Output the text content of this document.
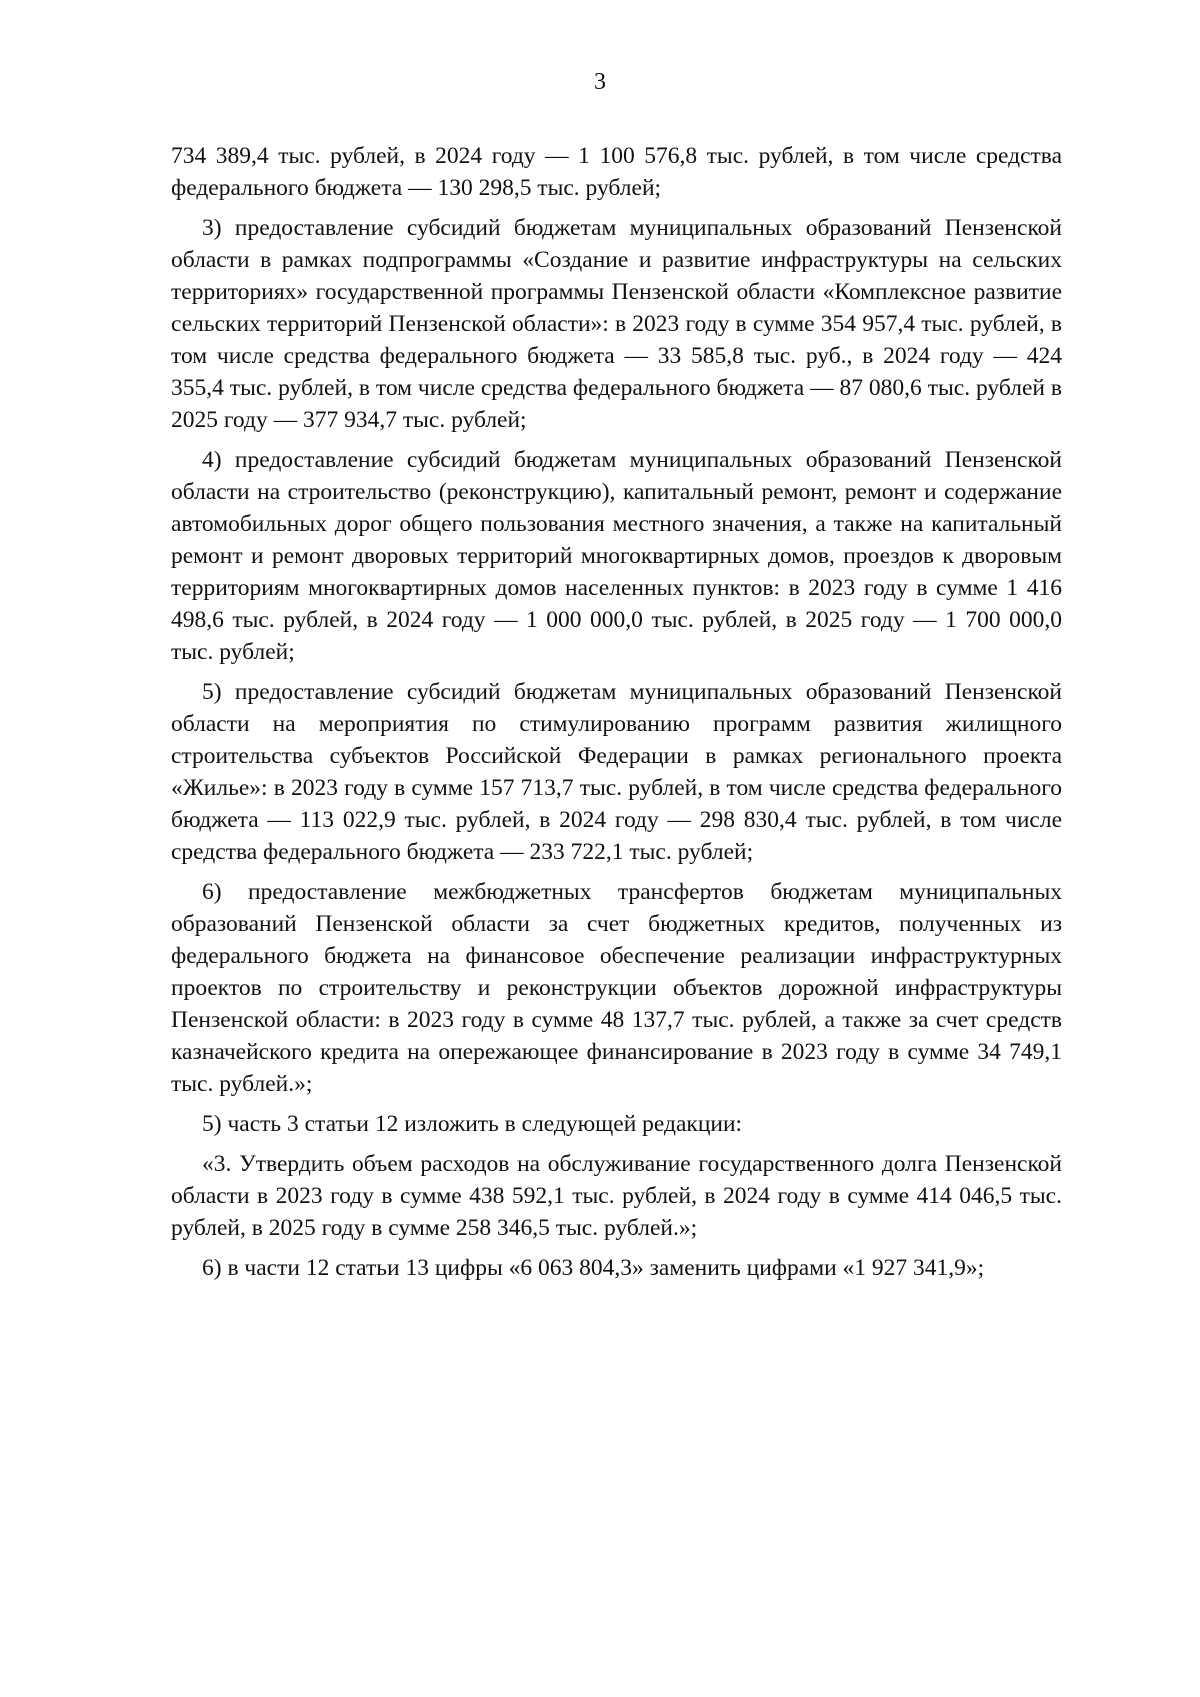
3

734 389,4 тыс. рублей, в 2024 году — 1 100 576,8 тыс. рублей, в том числе средства федерального бюджета — 130 298,5 тыс. рублей;

3) предоставление субсидий бюджетам муниципальных образований Пензенской области в рамках подпрограммы «Создание и развитие инфраструктуры на сельских территориях» государственной программы Пензенской области «Комплексное развитие сельских территорий Пензенской области»: в 2023 году в сумме 354 957,4 тыс. рублей, в том числе средства федерального бюджета — 33 585,8 тыс. руб., в 2024 году — 424 355,4 тыс. рублей, в том числе средства федерального бюджета — 87 080,6 тыс. рублей в 2025 году — 377 934,7 тыс. рублей;

4) предоставление субсидий бюджетам муниципальных образований Пензенской области на строительство (реконструкцию), капитальный ремонт, ремонт и содержание автомобильных дорог общего пользования местного значения, а также на капитальный ремонт и ремонт дворовых территорий многоквартирных домов, проездов к дворовым территориям многоквартирных домов населенных пунктов: в 2023 году в сумме 1 416 498,6 тыс. рублей, в 2024 году — 1 000 000,0 тыс. рублей, в 2025 году — 1 700 000,0 тыс. рублей;

5) предоставление субсидий бюджетам муниципальных образований Пензенской области на мероприятия по стимулированию программ развития жилищного строительства субъектов Российской Федерации в рамках регионального проекта «Жилье»: в 2023 году в сумме 157 713,7 тыс. рублей, в том числе средства федерального бюджета — 113 022,9 тыс. рублей, в 2024 году — 298 830,4 тыс. рублей, в том числе средства федерального бюджета — 233 722,1 тыс. рублей;

6) предоставление межбюджетных трансфертов бюджетам муниципальных образований Пензенской области за счет бюджетных кредитов, полученных из федерального бюджета на финансовое обеспечение реализации инфраструктурных проектов по строительству и реконструкции объектов дорожной инфраструктуры Пензенской области: в 2023 году в сумме 48 137,7 тыс. рублей, а также за счет средств казначейского кредита на опережающее финансирование в 2023 году в сумме 34 749,1 тыс. рублей.»;

5) часть 3 статьи 12 изложить в следующей редакции:

«3. Утвердить объем расходов на обслуживание государственного долга Пензенской области в 2023 году в сумме 438 592,1 тыс. рублей, в 2024 году в сумме 414 046,5 тыс. рублей, в 2025 году в сумме 258 346,5 тыс. рублей.»;

6) в части 12 статьи 13 цифры «6 063 804,3» заменить цифрами «1 927 341,9»;
